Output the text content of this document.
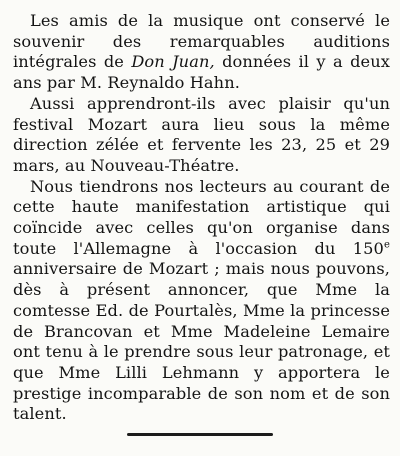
Les amis de la musique ont conservé le souvenir des remarquables auditions intégrales de Don Juan, données il y a deux ans par M. Reynaldo Hahn.

Aussi apprendront-ils avec plaisir qu'un festival Mozart aura lieu sous la même direction zélée et fervente les 23, 25 et 29 mars, au Nouveau-Théatre.

Nous tiendrons nos lecteurs au courant de cette haute manifestation artistique qui coïncide avec celles qu'on organise dans toute l'Allemagne à l'occasion du 150e anniversaire de Mozart ; mais nous pouvons, dès à présent annoncer, que Mme la comtesse Ed. de Pourtalès, Mme la princesse de Brancovan et Mme Madeleine Lemaire ont tenu à le prendre sous leur patronage, et que Mme Lilli Lehmann y apportera le prestige incomparable de son nom et de son talent.
